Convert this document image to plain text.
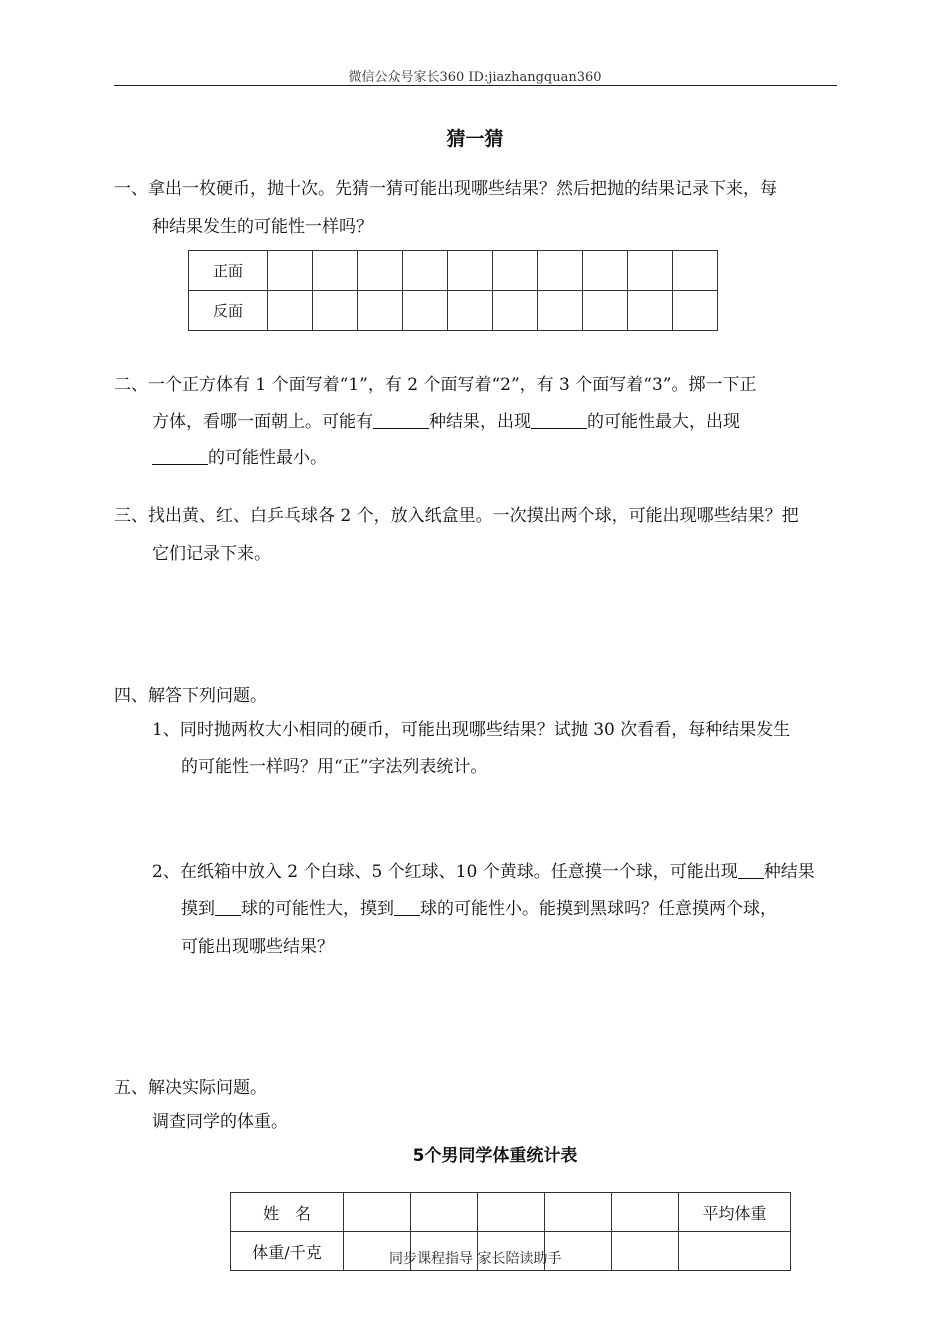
微信公众号家长360 ID:jiazhangquan360
猜一猜
一、拿出一枚硬币，抛十次。先猜一猜可能出现哪些结果？然后把抛的结果记录下来，每
种结果发生的可能性一样吗？
正面										
反面										
二、一个正方体有 1 个面写着“1”，有 2 个面写着“2”，有 3 个面写着“3”。掷一下正
方体，看哪一面朝上。可能有	种结果，出现	的可能性最大，出现
的可能性最小。
三、找出黄、红、白乒乓球各 2 个，放入纸盒里。一次摸出两个球，可能出现哪些结果？把
它们记录下来。
四、解答下列问题。
1、同时抛两枚大小相同的硬币，可能出现哪些结果？试抛 30 次看看，每种结果发生
的可能性一样吗？用“正”字法列表统计。
2、在纸箱中放入 2 个白球、5 个红球、10 个黄球。任意摸一个球，可能出现 种结果
摸到 球的可能性大，摸到 球的可能性小。能摸到黑球吗？任意摸两个球，
可能出现哪些结果？
五、解决实际问题。
调查同学的体重。
5个男同学体重统计表
姓　名						平均体重
体重/千克							同步课程指导 家长陪读助手
